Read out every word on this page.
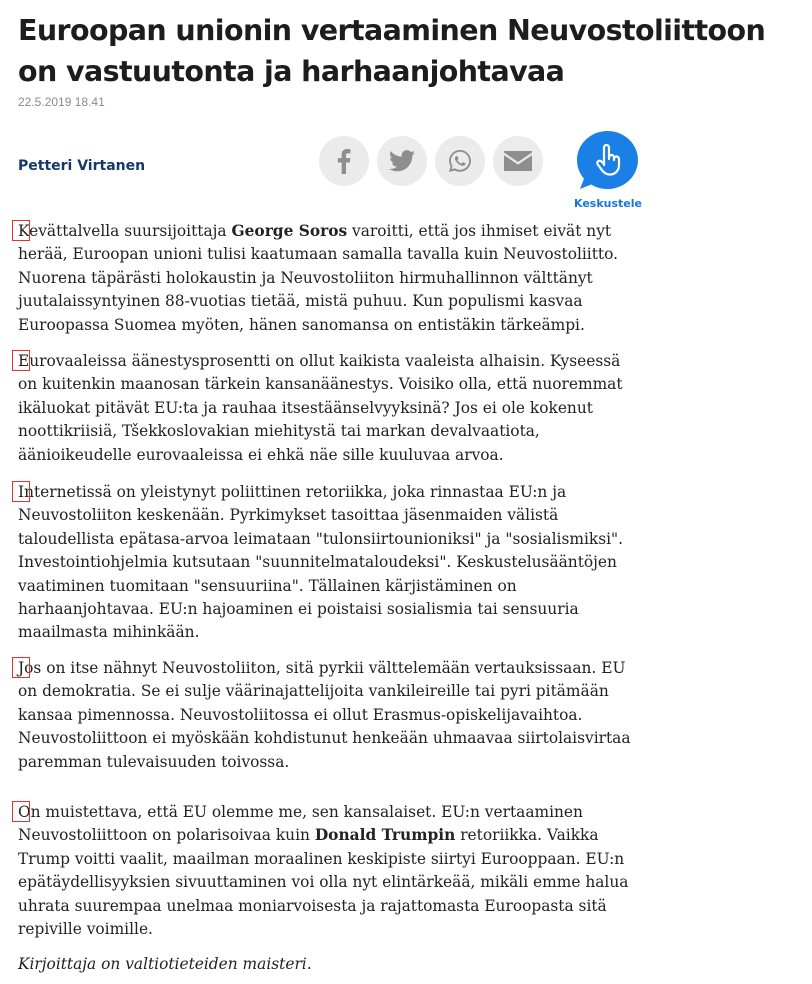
Euroopan unionin vertaaminen Neuvostoliittoon on vastuutonta ja harhaanjohtavaa
22.5.2019 18.41
Petteri Virtanen
Keskustele

Kevättalvella suursijoittaja George Soros varoitti, että jos ihmiset eivät nyt herää, Euroopan unioni tulisi kaatumaan samalla tavalla kuin Neuvostoliitto. Nuorena täpärästi holokaustin ja Neuvostoliiton hirmuhallinnon välttänyt juutalaissyntyinen 88-vuotias tietää, mistä puhuu. Kun populismi kasvaa Euroopassa Suomea myöten, hänen sanomansa on entistäkin tärkeämpi.

Eurovaaleissa äänestysprosentti on ollut kaikista vaaleista alhaisin. Kyseessä on kuitenkin maanosan tärkein kansanäänestys. Voisiko olla, että nuoremmat ikäluokat pitävät EU:ta ja rauhaa itsestäänselvyyksinä? Jos ei ole kokenut noottikriisiä, Tšekkoslovakian miehitystä tai markan devalvaatiota, äänioikeudelle eurovaaleissa ei ehkä näe sille kuuluvaa arvoa.

Internetissä on yleistynyt poliittinen retoriikka, joka rinnastaa EU:n ja Neuvostoliiton keskenään. Pyrkimykset tasoittaa jäsenmaiden välistä taloudellista epätasa-arvoa leimataan "tulonsiirtounioniksi" ja "sosialismiksi". Investointiohjelmia kutsutaan "suunnitelmataloudeksi". Keskustelusääntöjen vaatiminen tuomitaan "sensuuriina". Tällainen kärjistäminen on harhaanjohtavaa. EU:n hajoaminen ei poistaisi sosialismia tai sensuuria maailmasta mihinkään.

Jos on itse nähnyt Neuvostoliiton, sitä pyrkii välttelemään vertauksissaan. EU on demokratia. Se ei sulje väärinajattelijoita vankileireille tai pyri pitämään kansaa pimennossa. Neuvostoliitossa ei ollut Erasmus-opiskelijavaihtoa. Neuvostoliittoon ei myöskään kohdistunut henkeään uhmaavaa siirtolaisvirtaa paremman tulevaisuuden toivossa.

On muistettava, että EU olemme me, sen kansalaiset. EU:n vertaaminen Neuvostoliittoon on polarisoivaa kuin Donald Trumpin retoriikka. Vaikka Trump voitti vaalit, maailman moraalinen keskipiste siirtyi Eurooppaan. EU:n epätäydellisyyksien sivuuttaminen voi olla nyt elintärkeää, mikäli emme halua uhrata suurempaa unelmaa moniarvoisesta ja rajattomasta Euroopasta sitä repiville voimille.

Kirjoittaja on valtiotieteiden maisteri.
